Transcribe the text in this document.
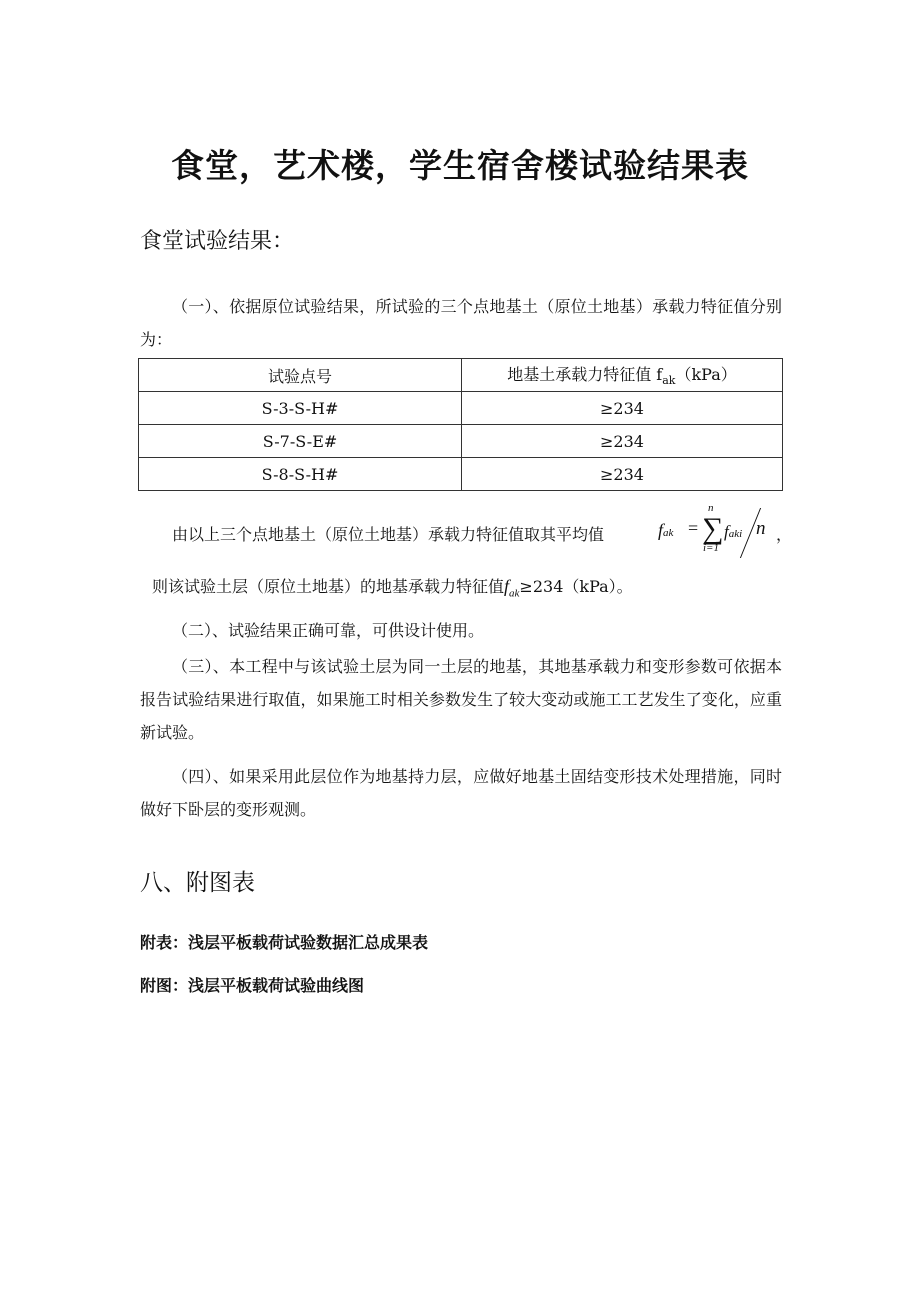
食堂，艺术楼，学生宿舍楼试验结果表
食堂试验结果：

（一）、依据原位试验结果，所试验的三个点地基土（原位土地基）承载力特征值分别为：

试验点号	地基土承载力特征值 $f_{ak}(kPa)$
S-3-S-H#	≥234
S-7-S-E#	≥234
S-8-S-H#	≥234
由以上三个点地基土（原位土地基）承载力特征值取其平均值	fak =
n
∑
i=1
faki n ，

则该试验土层（原位土地基）的地基承载力特征值$f_{ak}\ge 234(kPa)$。

（二）、试验结果正确可靠，可供设计使用。

（三）、本工程中与该试验土层为同一土层的地基，其地基承载力和变形参数可依据本报告试验结果进行取值，如果施工时相关参数发生了较大变动或施工工艺发生了变化，应重新试验。

（四）、如果采用此层位作为地基持力层，应做好地基土固结变形技术处理措施，同时做好下卧层的变形观测。

八、附图表

附表：浅层平板载荷试验数据汇总成果表

附图：浅层平板载荷试验曲线图
